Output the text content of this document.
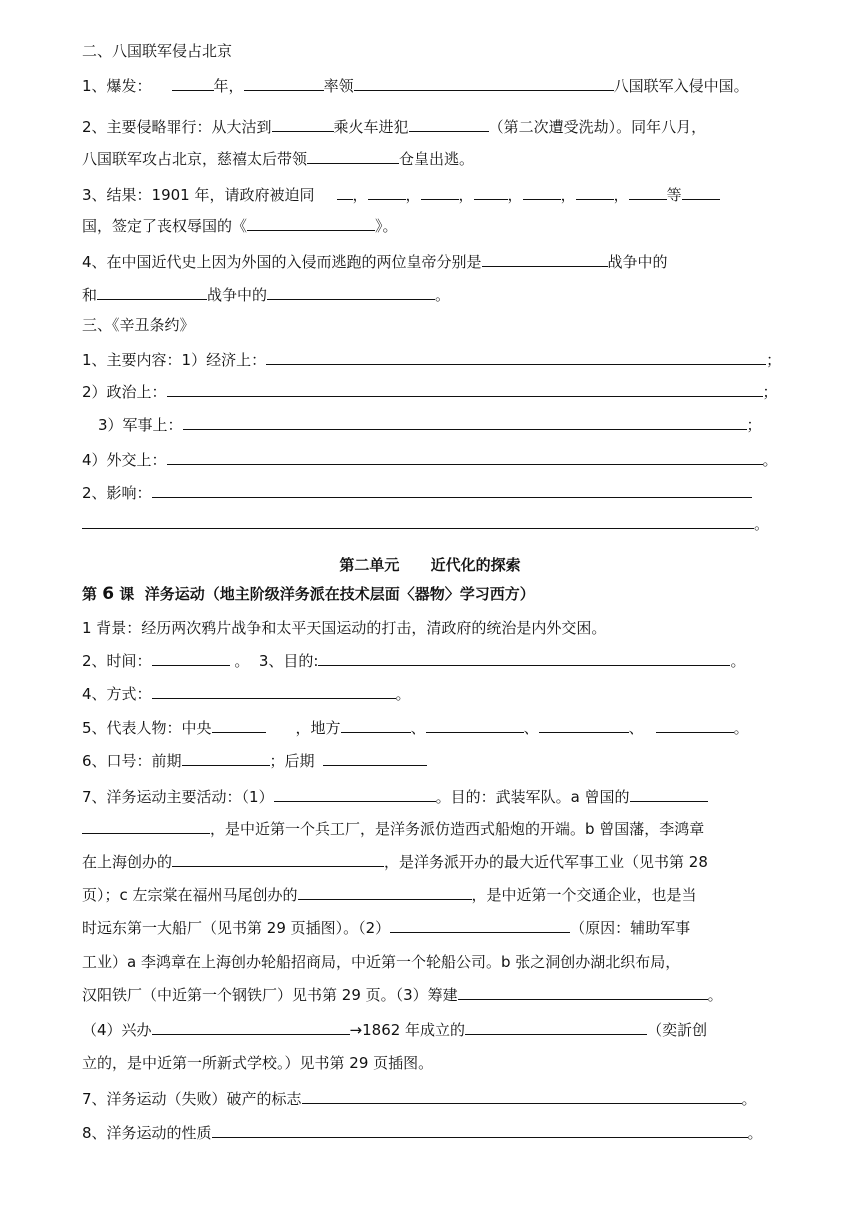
二、八国联军侵占北京
1、爆发：	年，	率领	八国联军入侵中国。
2、主要侵略罪行：从大沽到	乘火车进犯	（第二次遭受洗劫）。同年八月，
八国联军攻占北京，慈禧太后带领	仓皇出逃。
3、结果：1901 年，请政府被迫同	，	，	， ，	，	，	等
国，签定了丧权辱国的《	》。
4、在中国近代史上因为外国的入侵而逃跑的两位皇帝分别是	战争中的
和	战争中的	。
三、《辛丑条约》
1、主要内容：1）经济上：	；
2）政治上：	；
3）军事上：	；
4）外交上：	。
2、影响：
。
第二单元      近代化的探索
第 6 课  洋务运动（地主阶级洋务派在技术层面〈器物〉学习西方）
1 背景：经历两次鸦片战争和太平天国运动的打击，清政府的统治是内外交困。
2、时间：	。  3、目的:	。
4、方式：	。
5、代表人物：中央	，地方	、	、	、	。
6、口号：前期	；后期
7、洋务运动主要活动：（1）	。目的：武装军队。a 曾国的
，是中近第一个兵工厂，是洋务派仿造西式船炮的开端。b 曾国藩，李鸿章
在上海创办的	，是洋务派开办的最大近代军事工业（见书第 28
页）；c 左宗棠在福州马尾创办的	，是中近第一个交通企业，也是当
时远东第一大船厂（见书第 29 页插图）。（2）	（原因：辅助军事
工业）a 李鸿章在上海创办轮船招商局，中近第一个轮船公司。b 张之洞创办湖北织布局，
汉阳铁厂（中近第一个钢铁厂）见书第 29 页。（3）筹建	。
（4）兴办	→1862 年成立的	（奕訢创
立的，是中近第一所新式学校。）见书第 29 页插图。
7、洋务运动（失败）破产的标志	。
8、洋务运动的性质	。
